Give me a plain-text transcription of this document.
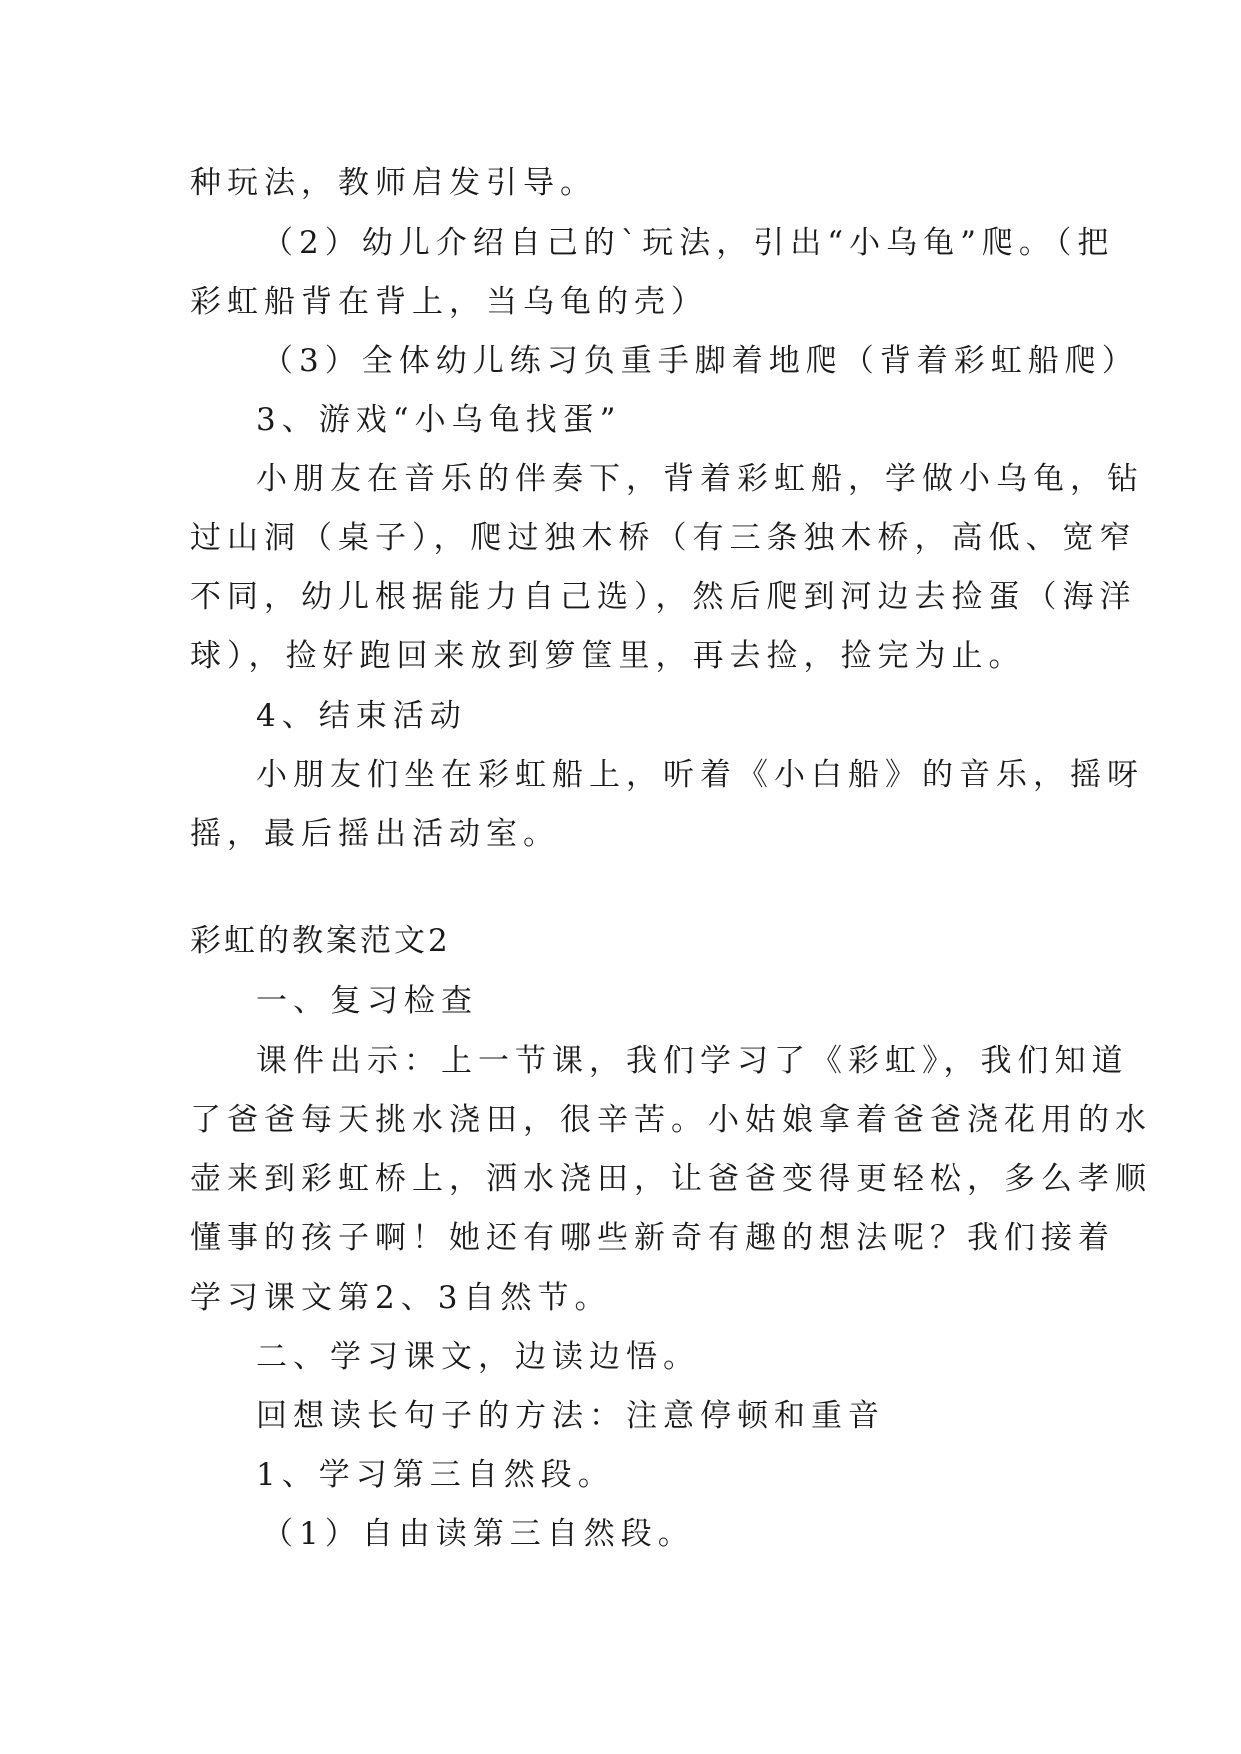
种玩法，教师启发引导。
（2）幼儿介绍自己的`玩法，引出“小乌龟”爬。（把
彩虹船背在背上，当乌龟的壳）
（3）全体幼儿练习负重手脚着地爬（背着彩虹船爬）
3、游戏“小乌龟找蛋”
小朋友在音乐的伴奏下，背着彩虹船，学做小乌龟，钻
过山洞（桌子），爬过独木桥（有三条独木桥，高低、宽窄
不同，幼儿根据能力自己选），然后爬到河边去捡蛋（海洋
球），捡好跑回来放到箩筐里，再去捡，捡完为止。
4、结束活动
小朋友们坐在彩虹船上，听着《小白船》的音乐，摇呀
摇，最后摇出活动室。
彩虹的教案范文2
一、复习检查
课件出示：上一节课，我们学习了《彩虹》，我们知道
了爸爸每天挑水浇田，很辛苦。小姑娘拿着爸爸浇花用的水
壶来到彩虹桥上，洒水浇田，让爸爸变得更轻松，多么孝顺
懂事的孩子啊！她还有哪些新奇有趣的想法呢？我们接着
学习课文第2、3自然节。
二、学习课文，边读边悟。
回想读长句子的方法：注意停顿和重音
1、学习第三自然段。
（1）自由读第三自然段。
